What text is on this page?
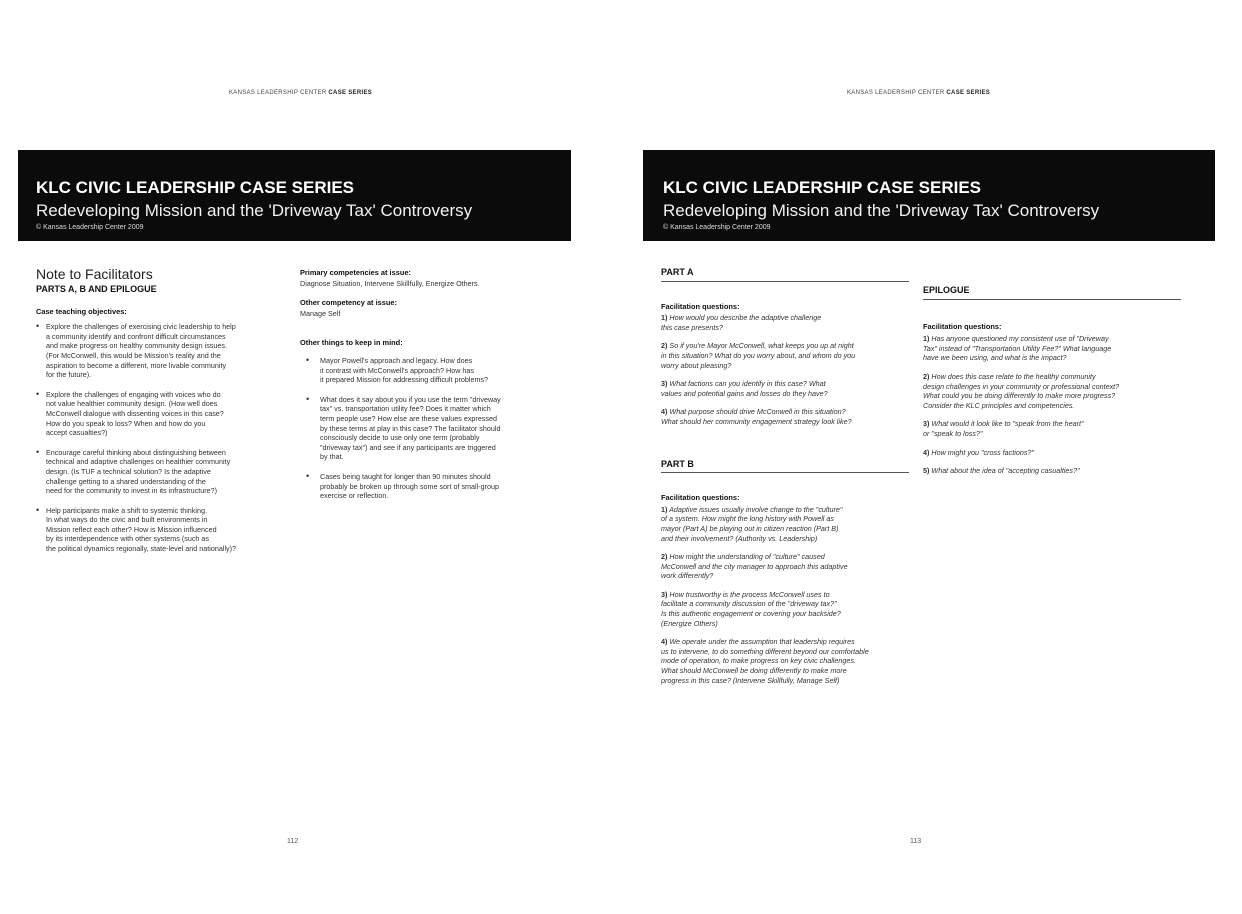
KANSAS LEADERSHIP CENTER CASE SERIES
KLC CIVIC LEADERSHIP CASE SERIES
Redeveloping Mission and the 'Driveway Tax' Controversy
© Kansas Leadership Center 2009

Note to Facilitators

PARTS A, B AND EPILOGUE

Case teaching objectives:

• Explore the challenges of exercising civic leadership to help
a community identify and confront difficult circumstances
and make progress on healthy community design issues.
(For McConwell, this would be Mission's reality and the
aspiration to become a different, more livable community
for the future).
• Explore the challenges of engaging with voices who do
not value healthier community design. (How well does
McConwell dialogue with dissenting voices in this case?
How do you speak to loss? When and how do you
accept casualties?)
• Encourage careful thinking about distinguishing between
technical and adaptive challenges on healthier community
design. (Is TUF a technical solution? Is the adaptive
challenge getting to a shared understanding of the
need for the community to invest in its infrastructure?)
• Help participants make a shift to systemic thinking.
In what ways do the civic and built environments in
Mission reflect each other? How is Mission influenced
by its interdependence with other systems (such as
the political dynamics regionally, state-level and nationally)?

Primary competencies at issue:

Diagnose Situation, Intervene Skillfully, Energize Others.

Other competency at issue:

Manage Self

Other things to keep in mind:

• Mayor Powell's approach and legacy. How does
it contrast with McConwell's approach? How has
it prepared Mission for addressing difficult problems?
• What does it say about you if you use the term "driveway
tax" vs. transportation utility fee? Does it matter which
term people use? How else are these values expressed
by these terms at play in this case? The facilitator should
consciously decide to use only one term (probably
"driveway tax") and see if any participants are triggered
by that.
• Cases being taught for longer than 90 minutes should
probably be broken up through some sort of small-group
exercise or reflection.
112
KANSAS LEADERSHIP CENTER CASE SERIES
KLC CIVIC LEADERSHIP CASE SERIES
Redeveloping Mission and the 'Driveway Tax' Controversy
© Kansas Leadership Center 2009

PART A

Facilitation questions:

1) How would you describe the adaptive challenge
this case presents?

2) So if you're Mayor McConwell, what keeps you up at night
in this situation? What do you worry about, and whom do you
worry about pleasing?

3) What factions can you identify in this case? What
values and potential gains and losses do they have?

4) What purpose should drive McConwell in this situation?
What should her community engagement strategy look like?

PART B

Facilitation questions:

1) Adaptive issues usually involve change to the "culture"
of a system. How might the long history with Powell as
mayor (Part A) be playing out in citizen reaction (Part B)
and their involvement? (Authority vs. Leadership)

2) How might the understanding of "culture" caused
McConwell and the city manager to approach this adaptive
work differently?

3) How trustworthy is the process McConwell uses to
facilitate a community discussion of the "driveway tax?"
Is this authentic engagement or covering your backside?
(Energize Others)

4) We operate under the assumption that leadership requires
us to intervene, to do something different beyond our comfortable
mode of operation, to make progress on key civic challenges.
What should McConwell be doing differently to make more
progress in this case? (Intervene Skillfully, Manage Self)

EPILOGUE

Facilitation questions:

1) Has anyone questioned my consistent use of "Driveway
Tax" instead of "Transportation Utility Fee?" What language
have we been using, and what is the impact?

2) How does this case relate to the healthy community
design challenges in your community or professional context?
What could you be doing differently to make more progress?
Consider the KLC principles and competencies.

3) What would it look like to "speak from the heart"
or "speak to loss?"

4) How might you "cross factions?"

5) What about the idea of "accepting casualties?"

113
